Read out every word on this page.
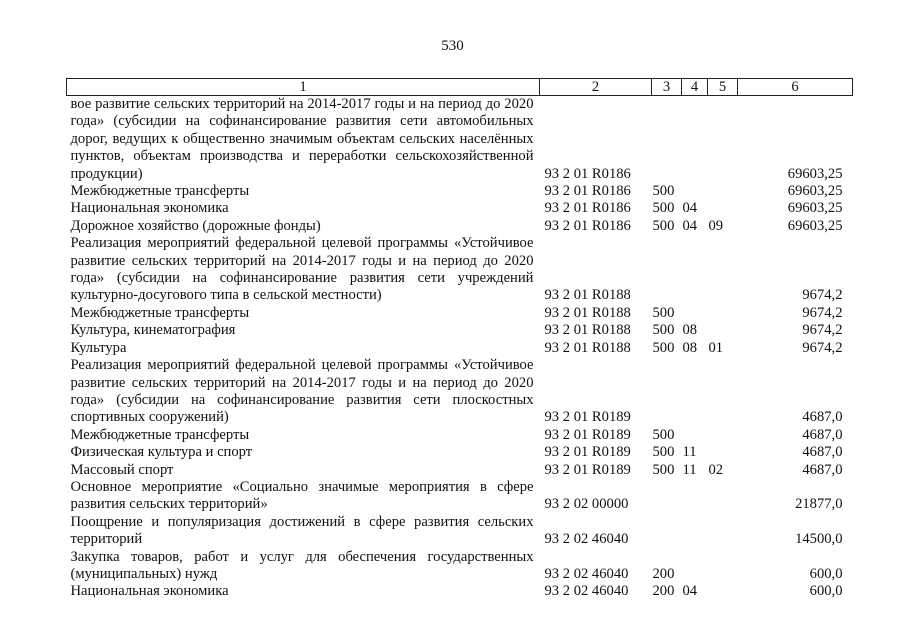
530
1	2	3	4	5	6
вое развитие сельских территорий на 2014-2017 годы и на период до 2020 года» (субсидии на софинансирование развития сети автомобильных дорог, ведущих к общественно значимым объектам сельских населённых пунктов, объектам производства и переработки сельскохозяйственной продукции)	93 2 01 R0186				69603,25
Межбюджетные трансферты	93 2 01 R0186	500			69603,25
Национальная экономика	93 2 01 R0186	500	04		69603,25
Дорожное хозяйство (дорожные фонды)	93 2 01 R0186	500	04	09	69603,25
Реализация мероприятий федеральной целевой программы «Устойчивое развитие сельских территорий на 2014-2017 годы и на период до 2020 года» (субсидии на софинансирование развития сети учреждений культурно-досугового типа в сельской местности)	93 2 01 R0188				9674,2
Межбюджетные трансферты	93 2 01 R0188	500			9674,2
Культура, кинематография	93 2 01 R0188	500	08		9674,2
Культура	93 2 01 R0188	500	08	01	9674,2
Реализация мероприятий федеральной целевой программы «Устойчивое развитие сельских территорий на 2014-2017 годы и на период до 2020 года» (субсидии на софинансирование развития сети плоскостных спортивных сооружений)	93 2 01 R0189				4687,0
Межбюджетные трансферты	93 2 01 R0189	500			4687,0
Физическая культура и спорт	93 2 01 R0189	500	11		4687,0
Массовый спорт	93 2 01 R0189	500	11	02	4687,0
Основное мероприятие «Социально значимые мероприятия в сфере развития сельских территорий»	93 2 02 00000				21877,0
Поощрение и популяризация достижений в сфере развития сельских территорий	93 2 02 46040				14500,0
Закупка товаров, работ и услуг для обеспечения государственных (муниципальных) нужд	93 2 02 46040	200			600,0
Национальная экономика	93 2 02 46040	200	04		600,0
